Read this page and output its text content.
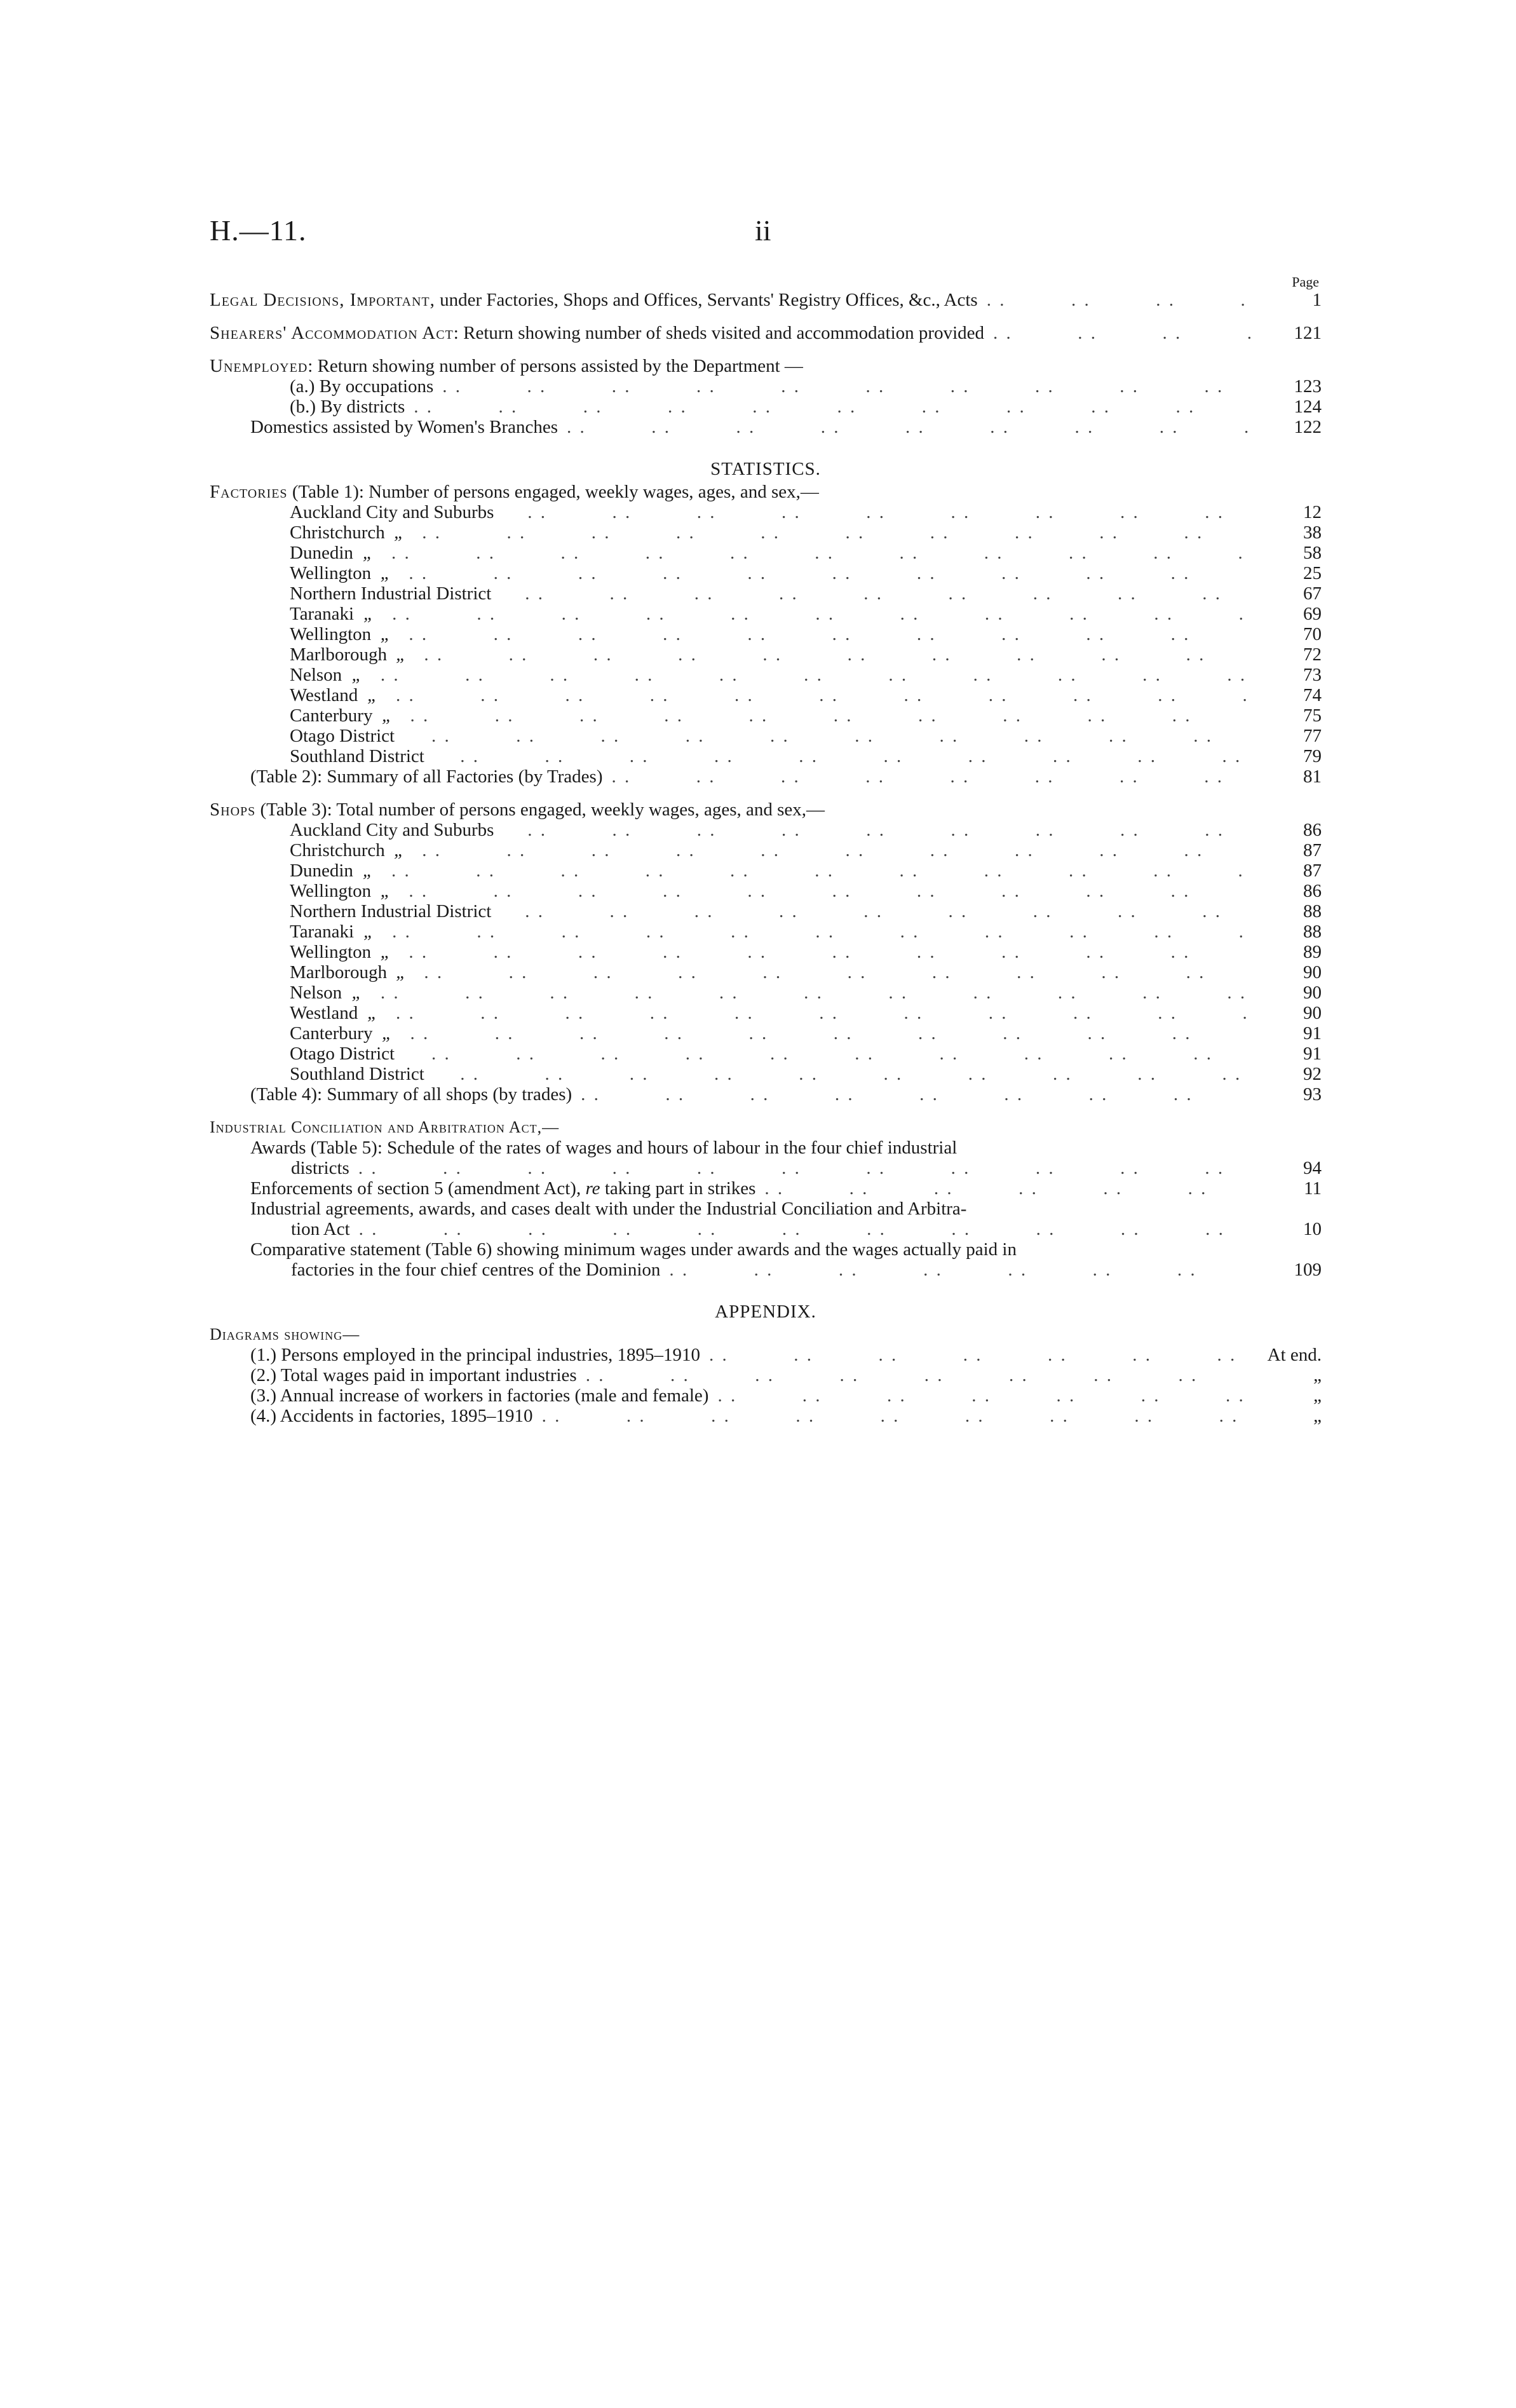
H.—11.	ii
Page
Legal Decisions, Important, under Factories, Shops and Offices, Servants' Registry Offices, &c., Acts . .	1
Shearers' Accommodation Act: Return showing number of sheds visited and accommodation provided . .	121
Unemployed: Return showing number of persons assisted by the Department —
(a.) By occupations . .	123
(b.) By districts . .	124
Domestics assisted by Women's Branches . .	122
STATISTICS.
Factories (Table 1): Number of persons engaged, weekly wages, ages, and sex,—
Auckland City and Suburbs . .	12
Christchurch „ . .	38
Dunedin „ . .	58
Wellington „ . .	25
Northern Industrial District . .	67
Taranaki „ . .	69
Wellington „ . .	70
Marlborough „ . .	72
Nelson „ . .	73
Westland „ . .	74
Canterbury „ . .	75
Otago District . .	77
Southland District . .	79
(Table 2): Summary of all Factories (by Trades) . .	81
Shops (Table 3): Total number of persons engaged, weekly wages, ages, and sex,—
Auckland City and Suburbs . .	86
Christchurch „ . .	87
Dunedin „ . .	87
Wellington „ . .	86
Northern Industrial District . .	88
Taranaki „ . .	88
Wellington „ . .	89
Marlborough „ . .	90
Nelson „ . .	90
Westland „ . .	90
Canterbury „ . .	91
Otago District . .	91
Southland District . .	92
(Table 4): Summary of all shops (by trades) . .	93
Industrial Conciliation and Arbitration Act,—
Awards (Table 5): Schedule of the rates of wages and hours of labour in the four chief industrial
districts . .	94
Enforcements of section 5 (amendment Act), re taking part in strikes . .	11
Industrial agreements, awards, and cases dealt with under the Industrial Conciliation and Arbitra-
tion Act . .	10
Comparative statement (Table 6) showing minimum wages under awards and the wages actually paid in
factories in the four chief centres of the Dominion . .	109
APPENDIX.
Diagrams showing—
(1.) Persons employed in the principal industries, 1895–1910 . .	At end.
(2.) Total wages paid in important industries . .	„
(3.) Annual increase of workers in factories (male and female) . .	„
(4.) Accidents in factories, 1895–1910 . .	„
